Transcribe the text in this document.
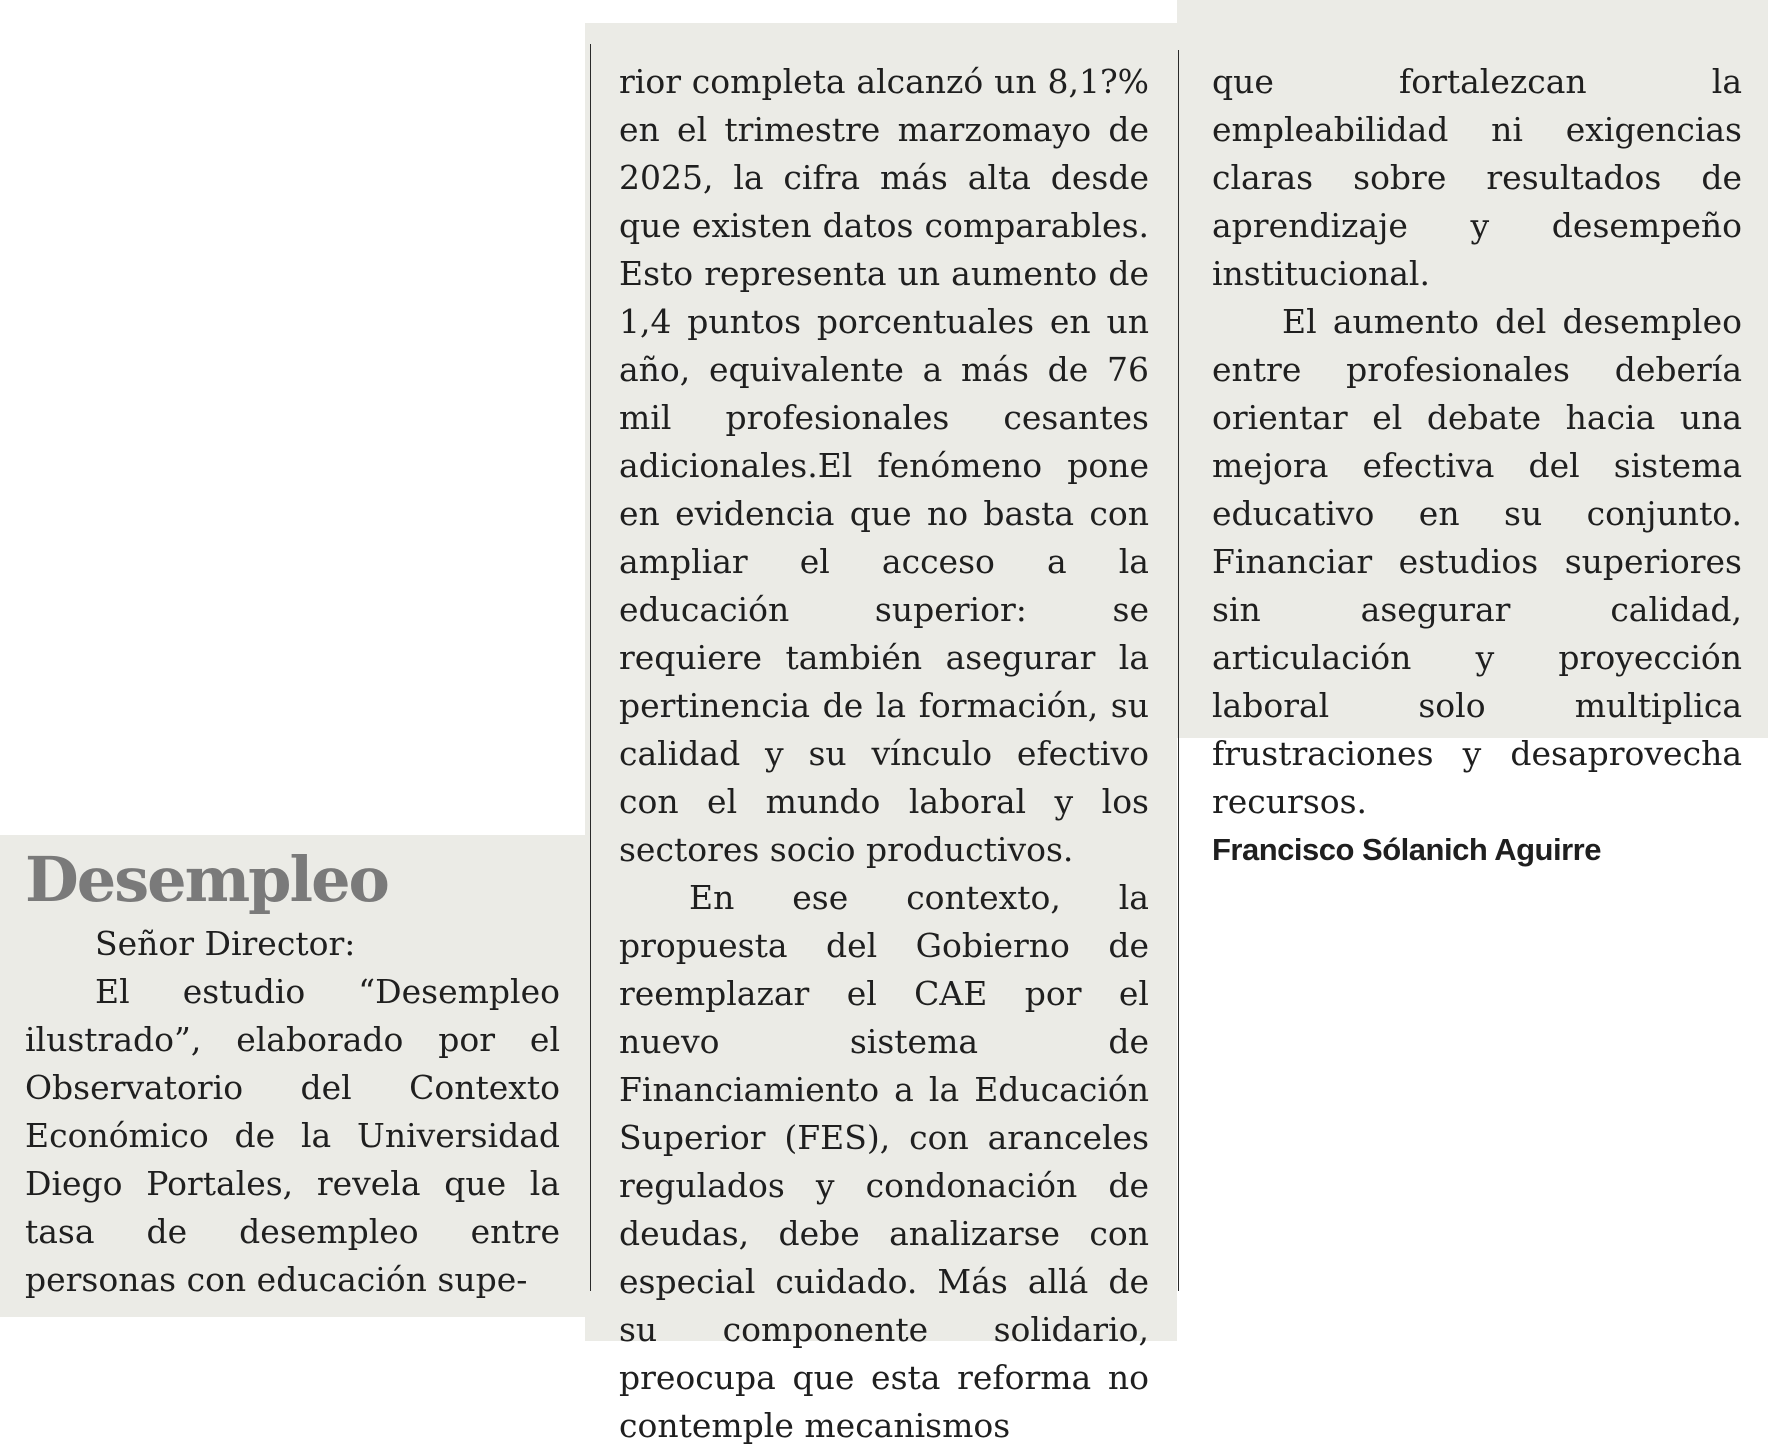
Desempleo

Señor Director:

El estudio “Desempleo ilustrado”, elaborado por el Observatorio del Contexto Económico de la Universidad Diego Portales, revela que la tasa de desempleo entre personas con educación supe-

rior completa alcanzó un 8,1?% en el trimestre marzomayo de 2025, la cifra más alta desde que existen datos comparables. Esto representa un aumento de 1,4 puntos porcentuales en un año, equivalente a más de 76 mil profesionales cesantes adicionales.El fenómeno pone en evidencia que no basta con ampliar el acceso a la educación superior: se requiere también asegurar la pertinencia de la formación, su calidad y su vínculo efectivo con el mundo laboral y los sectores socio productivos.

En ese contexto, la propuesta del Gobierno de reemplazar el CAE por el nuevo sistema de Financiamiento a la Educación Superior (FES), con aranceles regulados y condonación de deudas, debe analizarse con especial cuidado. Más allá de su componente solidario, preocupa que esta reforma no contemple mecanismos

que fortalezcan la empleabilidad ni exigencias claras sobre resultados de aprendizaje y desempeño institucional.

El aumento del desempleo entre profesionales debería orientar el debate hacia una mejora efectiva del sistema educativo en su conjunto. Financiar estudios superiores sin asegurar calidad, articulación y proyección laboral solo multiplica frustraciones y desaprovecha recursos.

Francisco Sólanich Aguirre
